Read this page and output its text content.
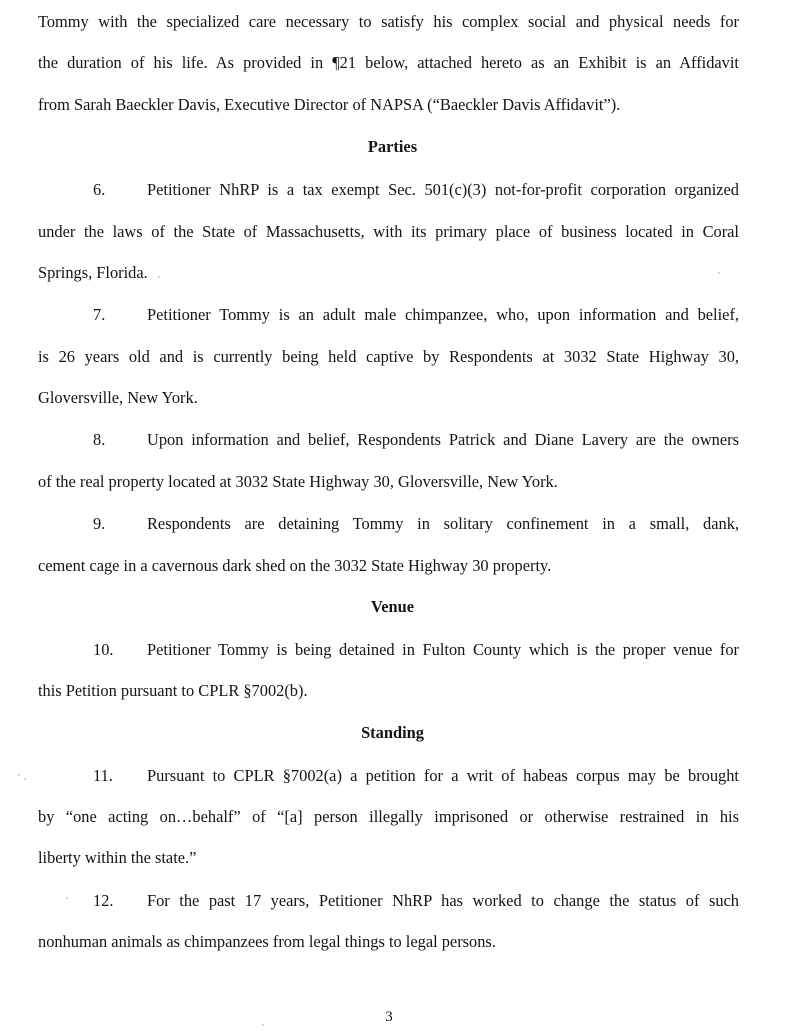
Tommy with the specialized care necessary to satisfy his complex social and physical needs for
the duration of his life. As provided in ¶21 below, attached hereto as an Exhibit is an Affidavit
from Sarah Baeckler Davis, Executive Director of NAPSA (“Baeckler Davis Affidavit”).
Parties
6.	Petitioner NhRP is a tax exempt Sec. 501(c)(3) not-for-profit corporation organized
under the laws of the State of Massachusetts, with its primary place of business located in Coral
Springs, Florida.
7.	Petitioner Tommy is an adult male chimpanzee, who, upon information and belief,
is 26 years old and is currently being held captive by Respondents at 3032 State Highway 30,
Gloversville, New York.
8.	Upon information and belief, Respondents Patrick and Diane Lavery are the owners
of the real property located at 3032 State Highway 30, Gloversville, New York.
9.	Respondents are detaining Tommy in solitary confinement in a small, dank,
cement cage in a cavernous dark shed on the 3032 State Highway 30 property.
Venue
10. Petitioner Tommy is being detained in Fulton County which is the proper venue for
this Petition pursuant to CPLR §7002(b).
Standing
11. Pursuant to CPLR §7002(a) a petition for a writ of habeas corpus may be brought
by “one acting on…behalf” of “[a] person illegally imprisoned or otherwise restrained in his
liberty within the state.”
12. For the past 17 years, Petitioner NhRP has worked to change the status of such
nonhuman animals as chimpanzees from legal things to legal persons.
3
